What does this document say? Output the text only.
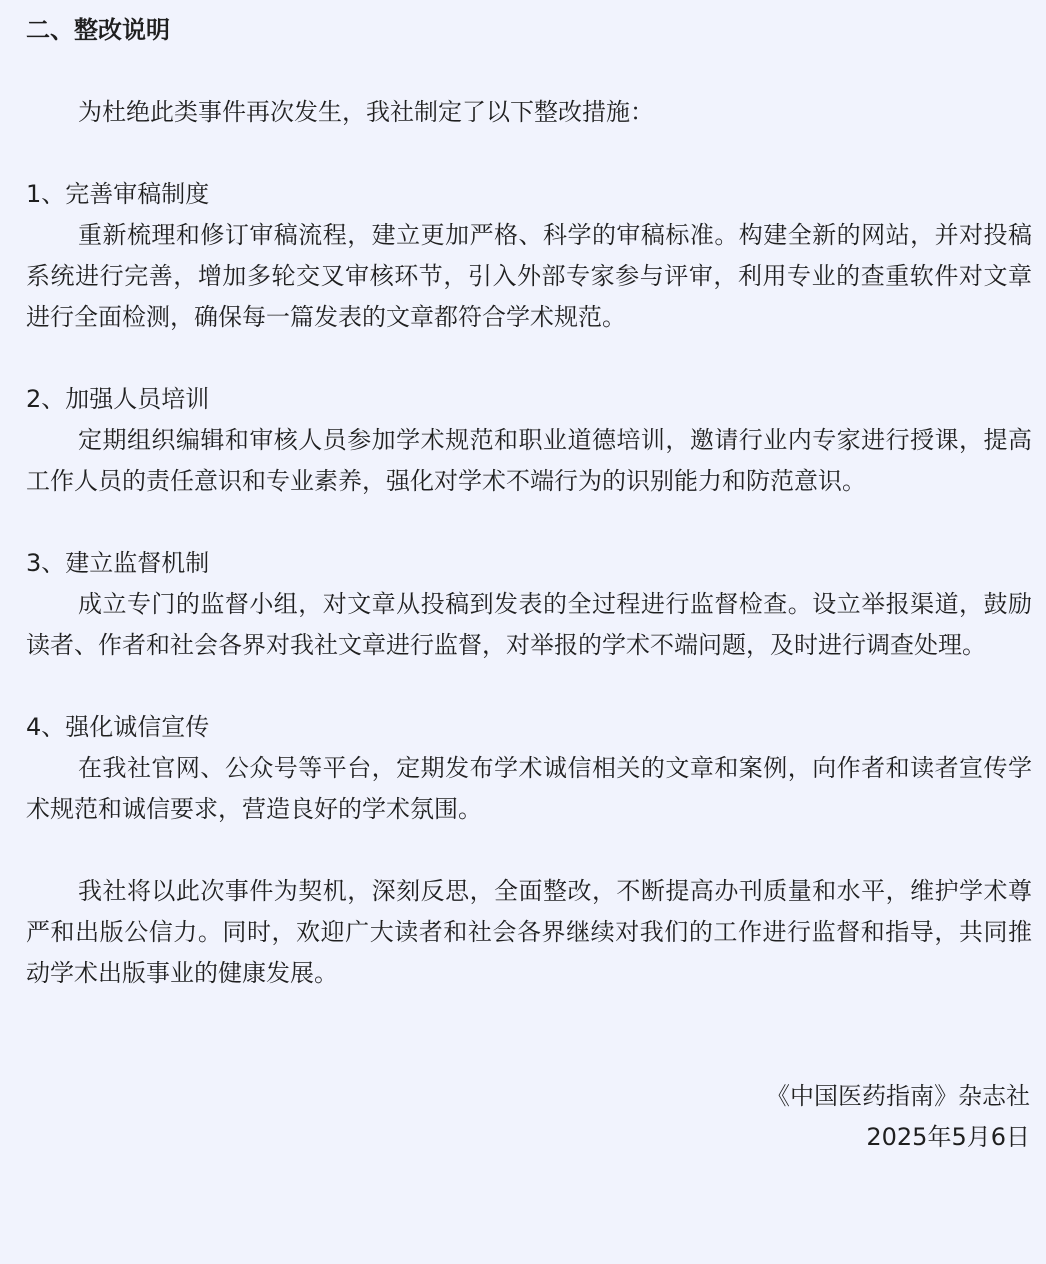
二、整改说明

为杜绝此类事件再次发生，我社制定了以下整改措施：

1、完善审稿制度

重新梳理和修订审稿流程，建立更加严格、科学的审稿标准。构建全新的网站，并对投稿系统进行完善，增加多轮交叉审核环节，引入外部专家参与评审，利用专业的查重软件对文章进行全面检测，确保每一篇发表的文章都符合学术规范。

2、加强人员培训

定期组织编辑和审核人员参加学术规范和职业道德培训，邀请行业内专家进行授课，提高工作人员的责任意识和专业素养，强化对学术不端行为的识别能力和防范意识。

3、建立监督机制

成立专门的监督小组，对文章从投稿到发表的全过程进行监督检查。设立举报渠道，鼓励读者、作者和社会各界对我社文章进行监督，对举报的学术不端问题，及时进行调查处理。

4、强化诚信宣传

在我社官网、公众号等平台，定期发布学术诚信相关的文章和案例，向作者和读者宣传学术规范和诚信要求，营造良好的学术氛围。

我社将以此次事件为契机，深刻反思，全面整改，不断提高办刊质量和水平，维护学术尊严和出版公信力。同时，欢迎广大读者和社会各界继续对我们的工作进行监督和指导，共同推动学术出版事业的健康发展。

《中国医药指南》杂志社

2025年5月6日
